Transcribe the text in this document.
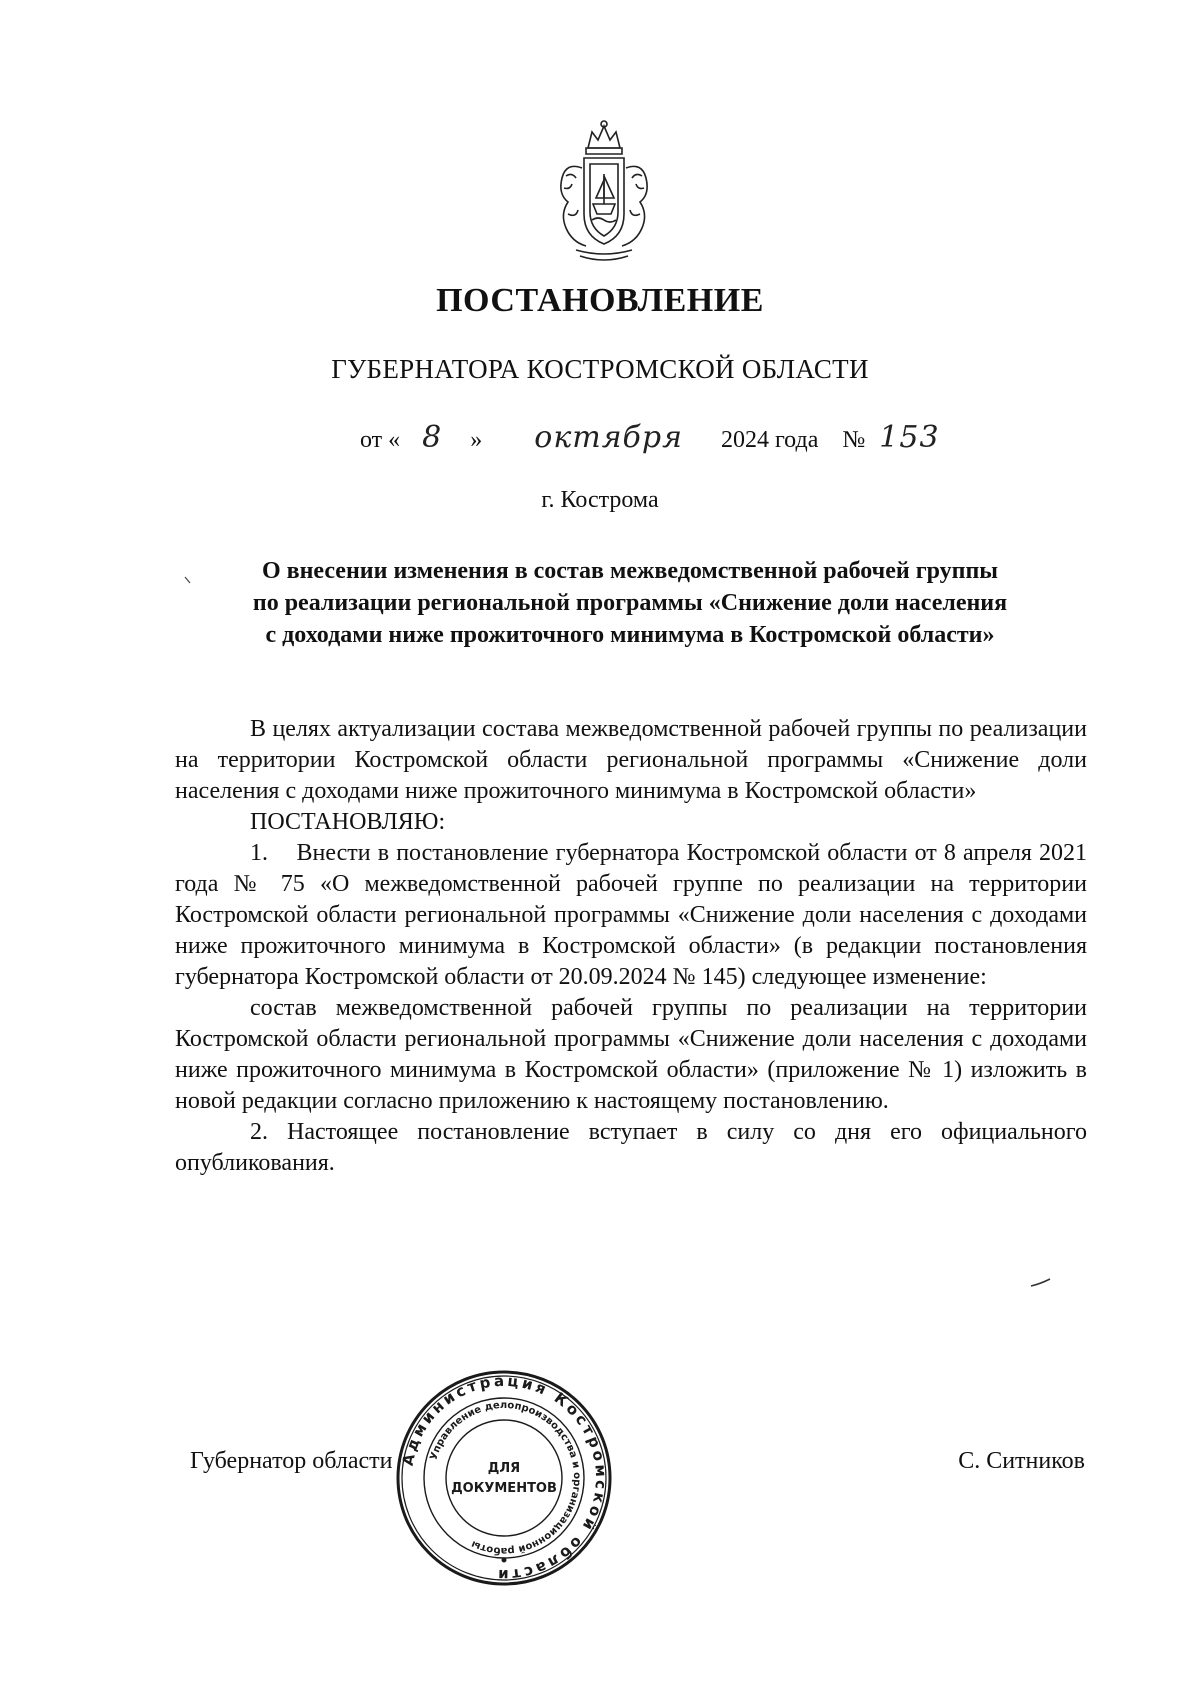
ПОСТАНОВЛЕНИЕ
ГУБЕРНАТОРА КОСТРОМСКОЙ ОБЛАСТИ
от « 8 » октября 2024 года № 153
г. Кострома
О внесении изменения в состав межведомственной рабочей группы
по реализации региональной программы «Снижение доли населения
с доходами ниже прожиточного минимума в Костромской области»

В целях актуализации состава межведомственной рабочей группы по реализации на территории Костромской области региональной программы «Снижение доли населения с доходами ниже прожиточного минимума в Костромской области»

ПОСТАНОВЛЯЮ:

1.    Внести в постановление губернатора Костромской области от 8 апреля 2021 года № 75 «О межведомственной рабочей группе по реализации на территории Костромской области региональной программы «Снижение доли населения с доходами ниже прожиточного минимума в Костромской области» (в редакции постановления губернатора Костромской области от 20.09.2024 № 145) следующее изменение:

состав межведомственной рабочей группы по реализации на территории Костромской области региональной программы «Снижение доли населения с доходами ниже прожиточного минимума в Костромской области» (приложение № 1) изложить в новой редакции согласно приложению к настоящему постановлению.

2. Настоящее постановление вступает в силу со дня его официального опубликования.

Губернатор области	С. Ситников
Администрация Костромской области
Управление делопроизводства и организационной работы
ДЛЯ
ДОКУМЕНТОВ
